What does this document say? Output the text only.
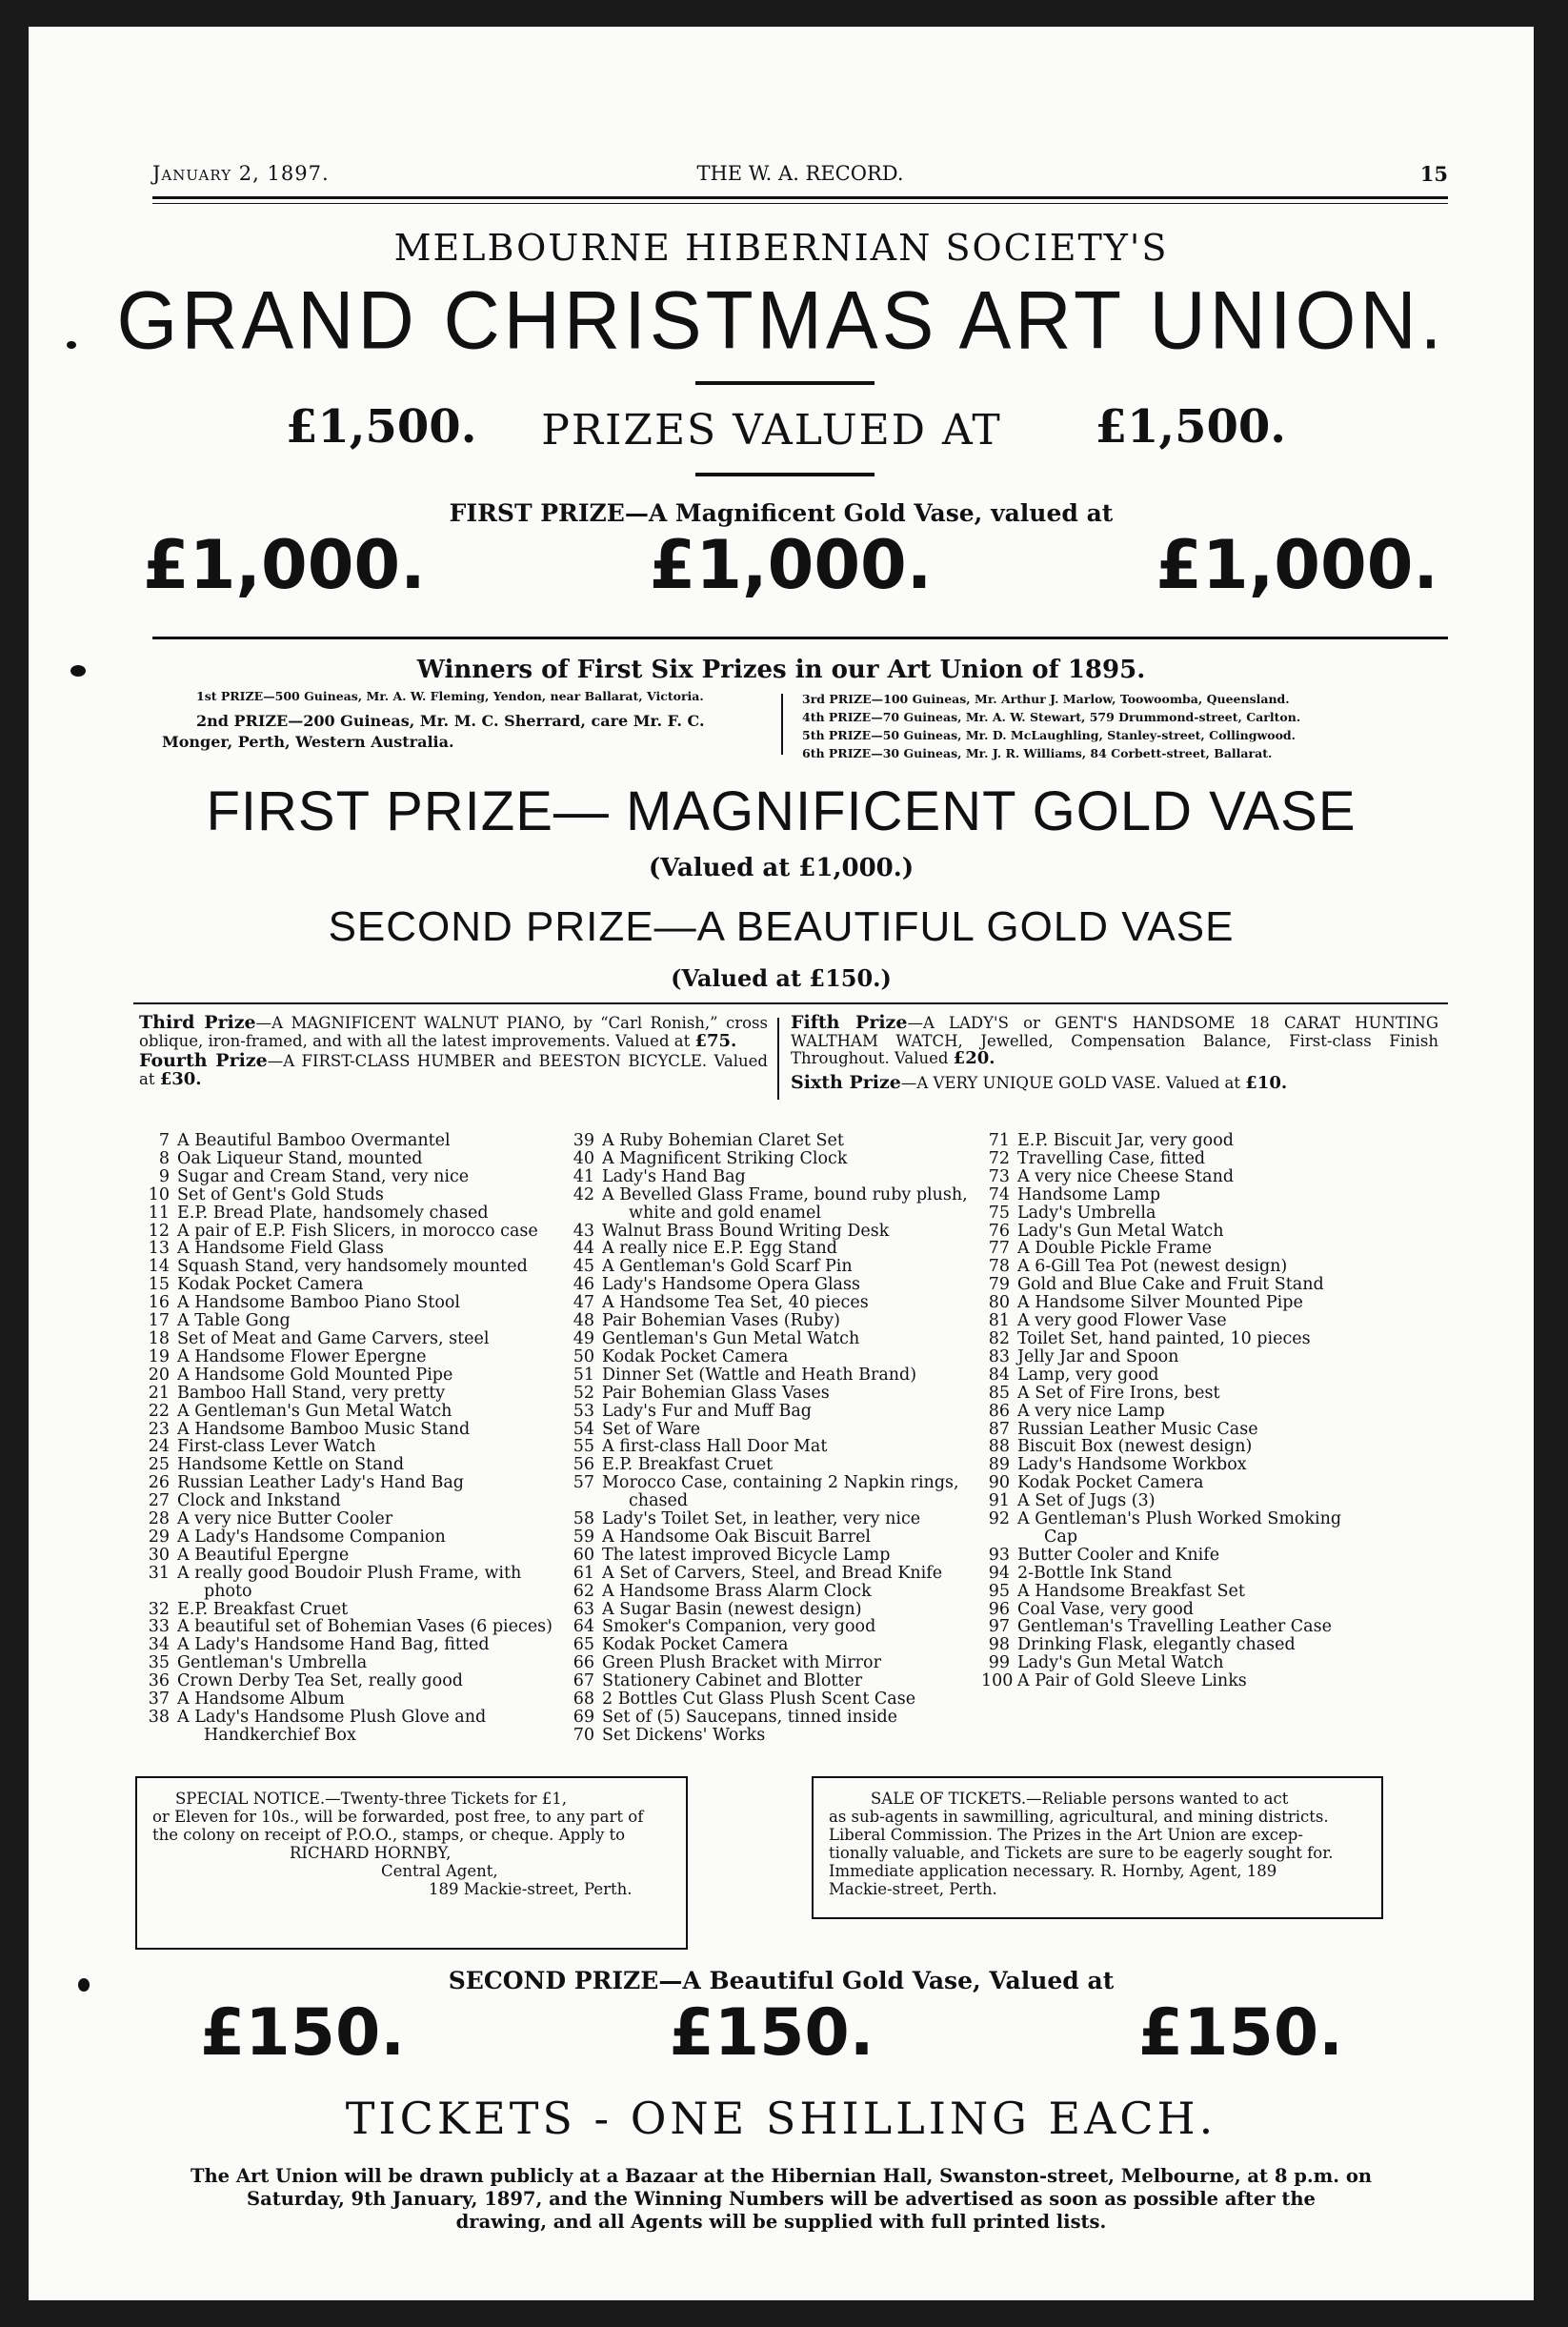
January 2, 1897.	THE W. A. RECORD.	15
MELBOURNE HIBERNIAN SOCIETY'S
GRAND CHRISTMAS ART UNION.
£1,500.	PRIZES VALUED AT	£1,500.
FIRST PRIZE—A Magnificent Gold Vase, valued at
£1,000.	£1,000.	£1,000.
Winners of First Six Prizes in our Art Union of 1895.
1st PRIZE—500 Guineas, Mr. A. W. Fleming, Yendon, near Ballarat, Victoria.
2nd PRIZE—200 Guineas, Mr. M. C. Sherrard, care Mr. F. C.
Monger, Perth, Western Australia.
3rd PRIZE—100 Guineas, Mr. Arthur J. Marlow, Toowoomba, Queensland.
4th PRIZE—70 Guineas, Mr. A. W. Stewart, 579 Drummond-street, Carlton.
5th PRIZE—50 Guineas, Mr. D. McLaughling, Stanley-street, Collingwood.
6th PRIZE—30 Guineas, Mr. J. R. Williams, 84 Corbett-street, Ballarat.
FIRST PRIZE— MAGNIFICENT GOLD VASE
(Valued at £1,000.)
SECOND PRIZE—A BEAUTIFUL GOLD VASE
(Valued at £150.)
Third Prize—A MAGNIFICENT WALNUT PIANO, by “Carl Ronish,” cross oblique, iron-framed, and with all the latest improvements. Valued at £75.
Fourth Prize—A FIRST-CLASS HUMBER and BEESTON BICYCLE. Valued at £30.
Fifth Prize—A LADY'S or GENT'S HANDSOME 18 CARAT HUNTING WALTHAM WATCH, Jewelled, Compensation Balance, First-class Finish Throughout. Valued £20.
Sixth Prize—A VERY UNIQUE GOLD VASE. Valued at £10.
7 A Beautiful Bamboo Overmantel
8 Oak Liqueur Stand, mounted
9 Sugar and Cream Stand, very nice
10 Set of Gent's Gold Studs
11 E.P. Bread Plate, handsomely chased
12 A pair of E.P. Fish Slicers, in morocco case
13 A Handsome Field Glass
14 Squash Stand, very handsomely mounted
15 Kodak Pocket Camera
16 A Handsome Bamboo Piano Stool
17 A Table Gong
18 Set of Meat and Game Carvers, steel
19 A Handsome Flower Epergne
20 A Handsome Gold Mounted Pipe
21 Bamboo Hall Stand, very pretty
22 A Gentleman's Gun Metal Watch
23 A Handsome Bamboo Music Stand
24 First-class Lever Watch
25 Handsome Kettle on Stand
26 Russian Leather Lady's Hand Bag
27 Clock and Inkstand
28 A very nice Butter Cooler
29 A Lady's Handsome Companion
30 A Beautiful Epergne
31 A really good Boudoir Plush Frame, with
photo
32 E.P. Breakfast Cruet
33 A beautiful set of Bohemian Vases (6 pieces)
34 A Lady's Handsome Hand Bag, fitted
35 Gentleman's Umbrella
36 Crown Derby Tea Set, really good
37 A Handsome Album
38 A Lady's Handsome Plush Glove and
Handkerchief Box
39 A Ruby Bohemian Claret Set
40 A Magnificent Striking Clock
41 Lady's Hand Bag
42 A Bevelled Glass Frame, bound ruby plush,
white and gold enamel
43 Walnut Brass Bound Writing Desk
44 A really nice E.P. Egg Stand
45 A Gentleman's Gold Scarf Pin
46 Lady's Handsome Opera Glass
47 A Handsome Tea Set, 40 pieces
48 Pair Bohemian Vases (Ruby)
49 Gentleman's Gun Metal Watch
50 Kodak Pocket Camera
51 Dinner Set (Wattle and Heath Brand)
52 Pair Bohemian Glass Vases
53 Lady's Fur and Muff Bag
54 Set of Ware
55 A first-class Hall Door Mat
56 E.P. Breakfast Cruet
57 Morocco Case, containing 2 Napkin rings,
chased
58 Lady's Toilet Set, in leather, very nice
59 A Handsome Oak Biscuit Barrel
60 The latest improved Bicycle Lamp
61 A Set of Carvers, Steel, and Bread Knife
62 A Handsome Brass Alarm Clock
63 A Sugar Basin (newest design)
64 Smoker's Companion, very good
65 Kodak Pocket Camera
66 Green Plush Bracket with Mirror
67 Stationery Cabinet and Blotter
68 2 Bottles Cut Glass Plush Scent Case
69 Set of (5) Saucepans, tinned inside
70 Set Dickens' Works
71 E.P. Biscuit Jar, very good
72 Travelling Case, fitted
73 A very nice Cheese Stand
74 Handsome Lamp
75 Lady's Umbrella
76 Lady's Gun Metal Watch
77 A Double Pickle Frame
78 A 6-Gill Tea Pot (newest design)
79 Gold and Blue Cake and Fruit Stand
80 A Handsome Silver Mounted Pipe
81 A very good Flower Vase
82 Toilet Set, hand painted, 10 pieces
83 Jelly Jar and Spoon
84 Lamp, very good
85 A Set of Fire Irons, best
86 A very nice Lamp
87 Russian Leather Music Case
88 Biscuit Box (newest design)
89 Lady's Handsome Workbox
90 Kodak Pocket Camera
91 A Set of Jugs (3)
92 A Gentleman's Plush Worked Smoking
Cap
93 Butter Cooler and Knife
94 2-Bottle Ink Stand
95 A Handsome Breakfast Set
96 Coal Vase, very good
97 Gentleman's Travelling Leather Case
98 Drinking Flask, elegantly chased
99 Lady's Gun Metal Watch
100 A Pair of Gold Sleeve Links
SPECIAL NOTICE.—Twenty-three Tickets for £1,
or Eleven for 10s., will be forwarded, post free, to any part of
the colony on receipt of P.O.O., stamps, or cheque. Apply to
RICHARD HORNBY,
Central Agent,
189 Mackie-street, Perth.
SALE OF TICKETS.—Reliable persons wanted to act
as sub-agents in sawmilling, agricultural, and mining districts.
Liberal Commission. The Prizes in the Art Union are excep-
tionally valuable, and Tickets are sure to be eagerly sought for.
Immediate application necessary. R. Hornby, Agent, 189
Mackie-street, Perth.
SECOND PRIZE—A Beautiful Gold Vase, Valued at
£150.	£150.	£150.
TICKETS - ONE SHILLING EACH.
The Art Union will be drawn publicly at a Bazaar at the Hibernian Hall, Swanston-street, Melbourne, at 8 p.m. on
Saturday, 9th January, 1897, and the Winning Numbers will be advertised as soon as possible after the
drawing, and all Agents will be supplied with full printed lists.
